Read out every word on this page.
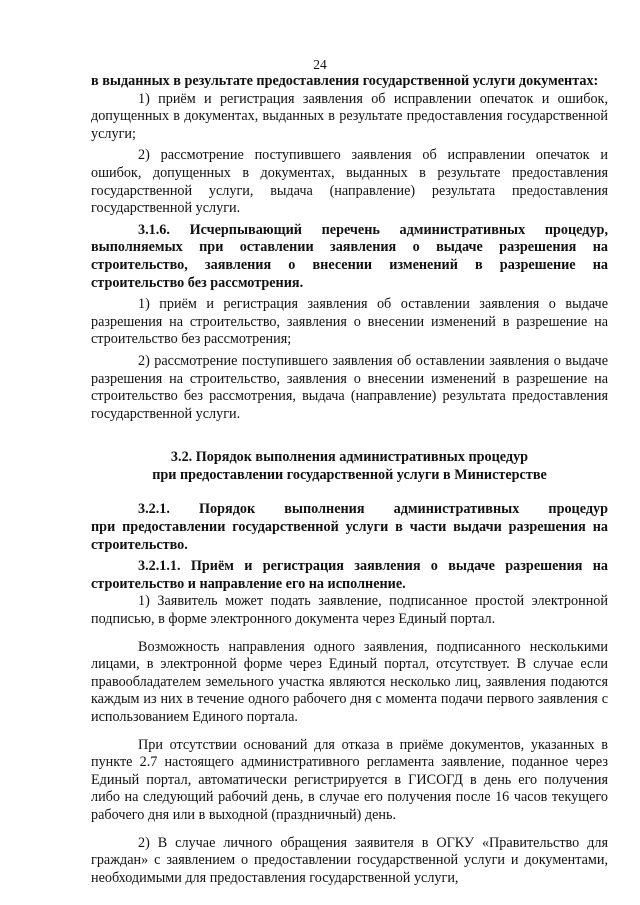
24

в выданных в результате предоставления государственной услуги документах:

1) приём и регистрация заявления об исправлении опечаток и ошибок, допущенных в документах, выданных в результате предоставления государственной услуги;

2) рассмотрение поступившего заявления об исправлении опечаток и ошибок, допущенных в документах, выданных в результате предоставления государственной услуги, выдача (направление) результата предоставления государственной услуги.

3.1.6. Исчерпывающий перечень административных процедур, выполняемых при оставлении заявления о выдаче разрешения на строительство, заявления о внесении изменений в разрешение на строительство без рассмотрения.

1) приём и регистрация заявления об оставлении заявления о выдаче разрешения на строительство, заявления о внесении изменений в разрешение на строительство без рассмотрения;

2) рассмотрение поступившего заявления об оставлении заявления о выдаче разрешения на строительство, заявления о внесении изменений в разрешение на строительство без рассмотрения, выдача (направление) результата предоставления государственной услуги.

3.2. Порядок выполнения административных процедур
при предоставлении государственной услуги в Министерстве

3.2.1. Порядок выполнения административных процедур

при предоставлении государственной услуги в части выдачи разрешения на строительство.

3.2.1.1. Приём и регистрация заявления о выдаче разрешения на строительство и направление его на исполнение.

1) Заявитель может подать заявление, подписанное простой электронной подписью, в форме электронного документа через Единый портал.

Возможность направления одного заявления, подписанного несколькими лицами, в электронной форме через Единый портал, отсутствует. В случае если правообладателем земельного участка являются несколько лиц, заявления подаются каждым из них в течение одного рабочего дня с момента подачи первого заявления с использованием Единого портала.

При отсутствии оснований для отказа в приёме документов, указанных в пункте 2.7 настоящего административного регламента заявление, поданное через Единый портал, автоматически регистрируется в ГИСОГД в день его получения либо на следующий рабочий день, в случае его получения после 16 часов текущего рабочего дня или в выходной (праздничный) день.

2) В случае личного обращения заявителя в ОГКУ «Правительство для граждан» с заявлением о предоставлении государственной услуги и документами, необходимыми для предоставления государственной услуги,
